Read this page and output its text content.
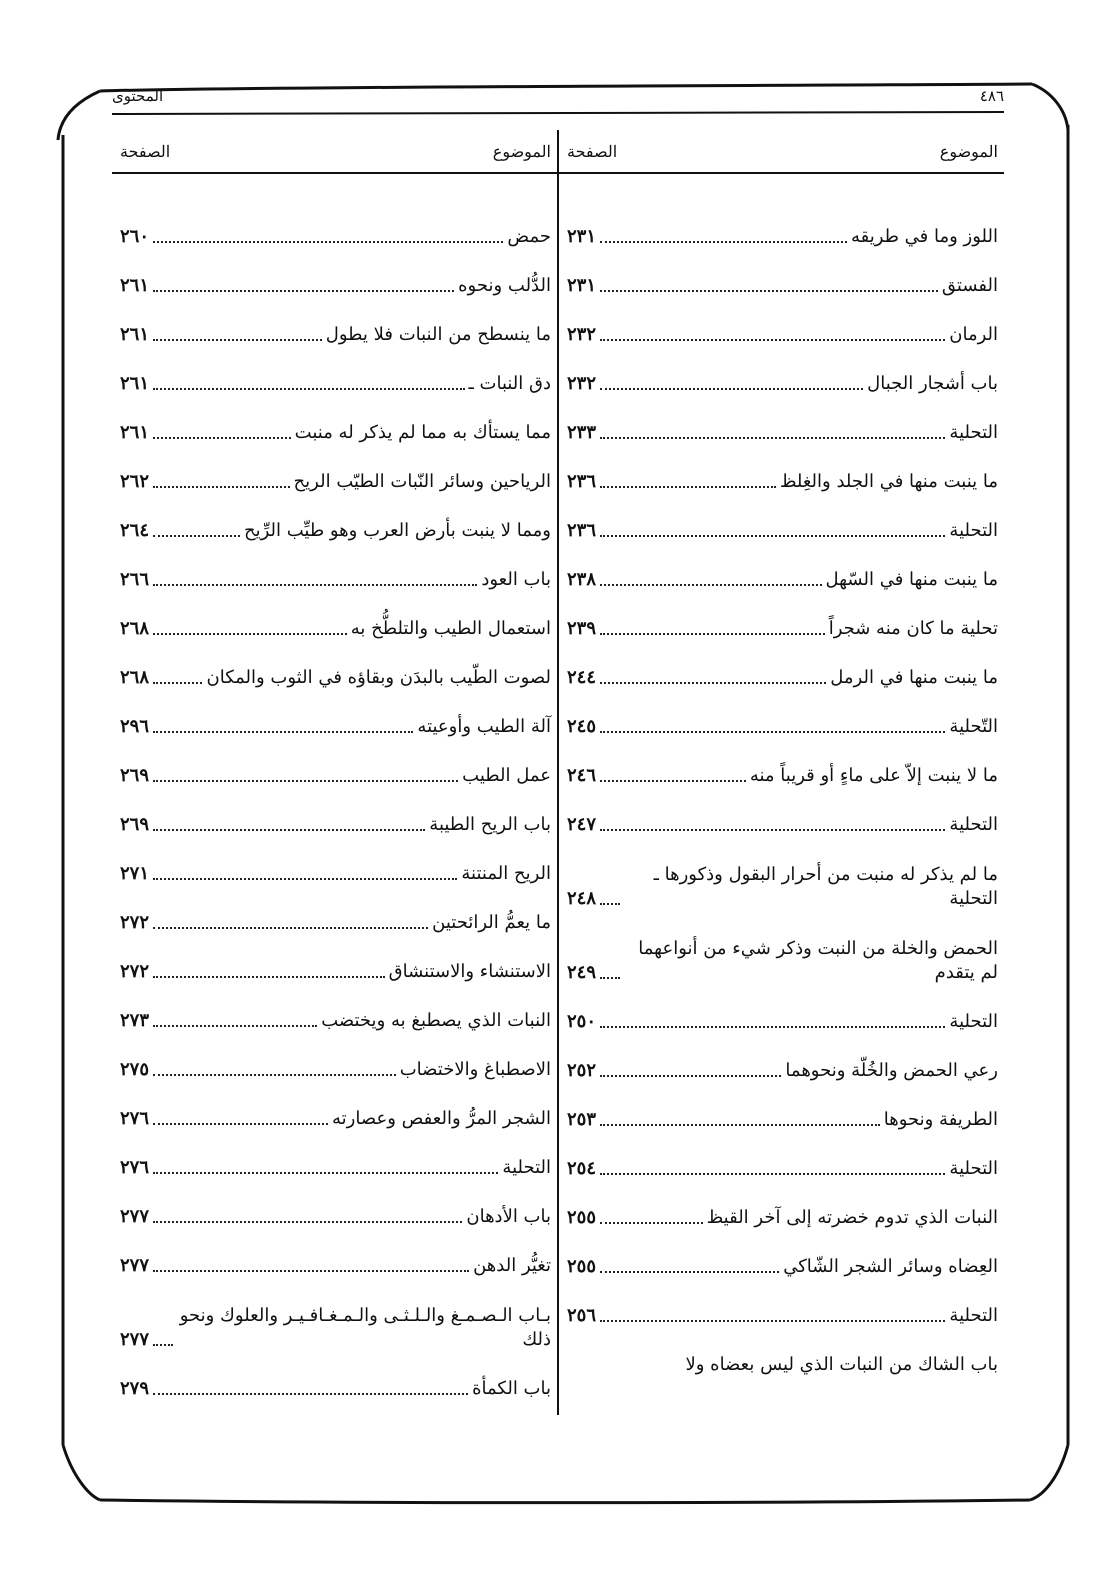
٤٨٦
المحتوى
الموضوع
الصفحة
اللوز وما في طريقه
٢٣١
الفستق
٢٣١
الرمان
٢٣٢
باب أشجار الجبال
٢٣٢
التحلية
٢٣٣
ما ينبت منها في الجلد والغِلظ
٢٣٦
التحلية
٢٣٦
ما ينبت منها في السّهل
٢٣٨
تحلية ما كان منه شجراً
٢٣٩
ما ينبت منها في الرمل
٢٤٤
التّحلية
٢٤٥
ما لا ينبت إلاّ على ماءٍ أو قريباً منه
٢٤٦
التحلية
٢٤٧
ما لم يذكر له منبت من أحرار البقول وذكورها ـ التحلية
٢٤٨
الحمض والخلة من النبت وذكر شيء من أنواعهما لم يتقدم
٢٤٩
التحلية
٢٥٠
رعي الحمض والخُلّة ونحوهما
٢٥٢
الطريفة ونحوها
٢٥٣
التحلية
٢٥٤
النبات الذي تدوم خضرته إلى آخر القيظ
٢٥٥
العِضاه وسائر الشجر الشّاكي
٢٥٥
التحلية
٢٥٦
باب الشاك من النبات الذي ليس بعضاه ولا
الموضوع
الصفحة
حمض
٢٦٠
الدُّلب ونحوه
٢٦١
ما ينسطح من النبات فلا يطول
٢٦١
دق النبات ـ
٢٦١
مما يستأك به مما لم يذكر له منبت
٢٦١
الرياحين وسائر النّبات الطيّب الريح
٢٦٢
ومما لا ينبت بأرض العرب وهو طيِّب الرِّيح
٢٦٤
باب العود
٢٦٦
استعمال الطيب والتلطُّخ به
٢٦٨
لصوت الطّيب بالبدَن وبقاؤه في الثوب والمكان
٢٦٨
آلة الطيب وأوعيته
٢٩٦
عمل الطيب
٢٦٩
باب الريح الطيبة
٢٦٩
الريح المنتنة
٢٧١
ما يعمُّ الرائحتين
٢٧٢
الاستنشاء والاستنشاق
٢٧٢
النبات الذي يصطبغ به ويختضب
٢٧٣
الاصطباغ والاختضاب
٢٧٥
الشجر المرُّ والعفص وعصارته
٢٧٦
التحلية
٢٧٦
باب الأدهان
٢٧٧
تغيُّر الدهن
٢٧٧
بـاب الـصـمـغ والـلـثـى والـمـغـافـيـر والعلوك ونحو ذلك
٢٧٧
باب الكمأة
٢٧٩
